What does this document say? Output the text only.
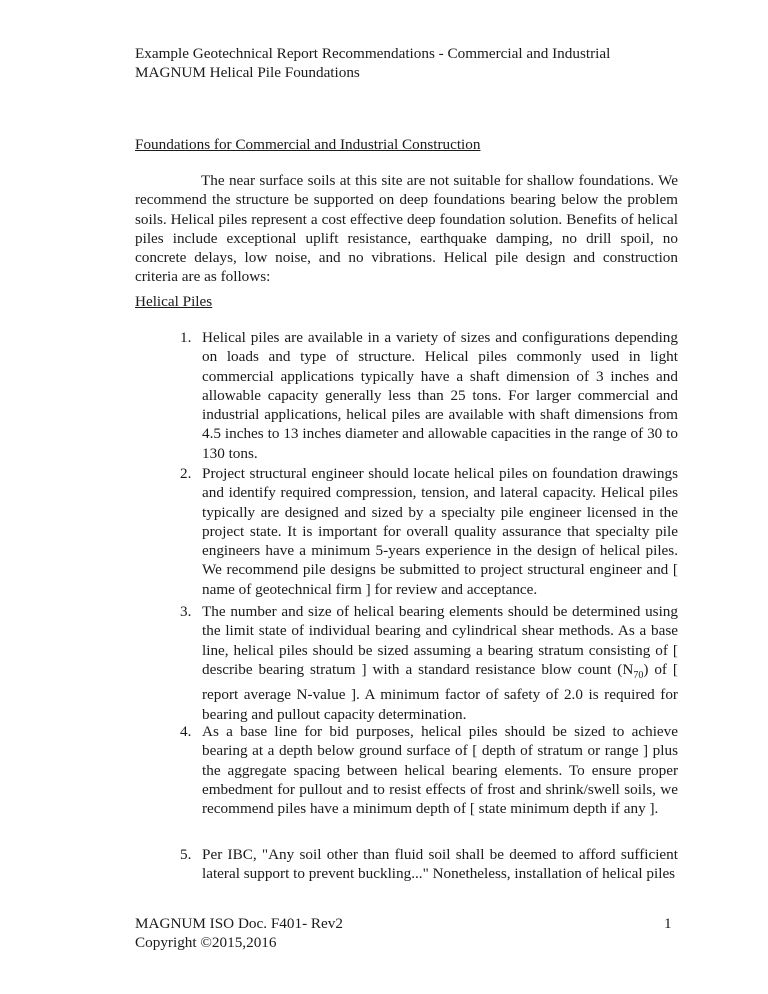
Example Geotechnical Report Recommendations - Commercial and Industrial
MAGNUM Helical Pile Foundations
Foundations for Commercial and Industrial Construction
The near surface soils at this site are not suitable for shallow foundations. We recommend the structure be supported on deep foundations bearing below the problem soils. Helical piles represent a cost effective deep foundation solution. Benefits of helical piles include exceptional uplift resistance, earthquake damping, no drill spoil, no concrete delays, low noise, and no vibrations. Helical pile design and construction criteria are as follows:
Helical Piles
1. Helical piles are available in a variety of sizes and configurations depending on loads and type of structure. Helical piles commonly used in light commercial applications typically have a shaft dimension of 3 inches and allowable capacity generally less than 25 tons. For larger commercial and industrial applications, helical piles are available with shaft dimensions from 4.5 inches to 13 inches diameter and allowable capacities in the range of 30 to 130 tons.
2. Project structural engineer should locate helical piles on foundation drawings and identify required compression, tension, and lateral capacity. Helical piles typically are designed and sized by a specialty pile engineer licensed in the project state. It is important for overall quality assurance that specialty pile engineers have a minimum 5-years experience in the design of helical piles. We recommend pile designs be submitted to project structural engineer and [ name of geotechnical firm ] for review and acceptance.
3. The number and size of helical bearing elements should be determined using the limit state of individual bearing and cylindrical shear methods. As a base line, helical piles should be sized assuming a bearing stratum consisting of [ describe bearing stratum ] with a standard resistance blow count $(N_{70})$ of [ report average N-value ]. A minimum factor of safety of 2.0 is required for bearing and pullout capacity determination.
4. As a base line for bid purposes, helical piles should be sized to achieve bearing at a depth below ground surface of [ depth of stratum or range ] plus the aggregate spacing between helical bearing elements. To ensure proper embedment for pullout and to resist effects of frost and shrink/swell soils, we recommend piles have a minimum depth of [ state minimum depth if any ].
5. Per IBC, "Any soil other than fluid soil shall be deemed to afford sufficient lateral support to prevent buckling..." Nonetheless, installation of helical piles
MAGNUM ISO Doc. F401- Rev2
Copyright ©2015,2016
1
